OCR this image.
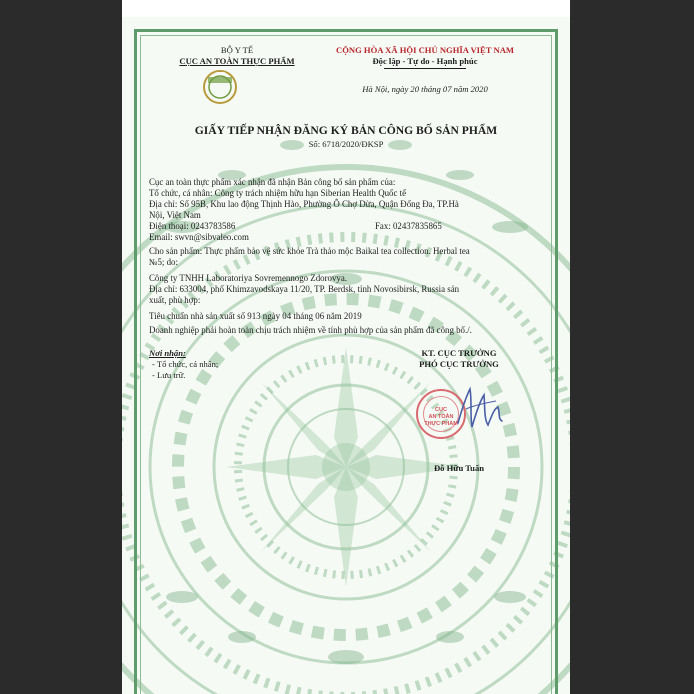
BỘ Y TẾ
CỤC AN TOÀN THỰC PHẨM
ATTP
CỘNG HÒA XÃ HỘI CHỦ NGHĨA VIỆT NAM
Độc lập - Tự do - Hạnh phúc
Hà Nội, ngày 20 tháng 07 năm 2020
GIẤY TIẾP NHẬN ĐĂNG KÝ BẢN CÔNG BỐ SẢN PHẨM
Số: 6718/2020/ĐKSP
Cục an toàn thực phẩm xác nhận đã nhận Bản công bố sản phẩm của:
Tổ chức, cá nhân: Công ty trách nhiệm hữu hạn Siberian Health Quốc tế
Địa chỉ: Số 95B, Khu lao động Thịnh Hào, Phường Ô Chợ Dừa, Quận Đống Đa, TP.Hà
Nội, Việt Nam
Điện thoại: 0243783586	Fax: 02437835865
Email: swvn@sibvaleo.com
Cho sản phẩm: Thực phẩm bảo vệ sức khỏe Trà thảo mộc Baikal tea collection. Herbal tea
№5; do:
Công ty TNHH Laboratoriya Sovremennogo Zdorovya.
Địa chỉ: 633004, phố Khimzavodskaya 11/20, TP. Berdsk, tỉnh Novosibirsk, Russia sản
xuất, phù hợp:
Tiêu chuẩn nhà sản xuất số 913 ngày 04 tháng 06 năm 2019
Doanh nghiệp phải hoàn toàn chịu trách nhiệm về tính phù hợp của sản phẩm đã công bố./.
Nơi nhận:
- Tổ chức, cá nhân;
- Lưu trữ.
KT. CỤC TRƯỞNG
PHÓ CỤC TRƯỞNG
CỤC
AN TOÀN
THỰC PHẨM
Đỗ Hữu Tuấn
